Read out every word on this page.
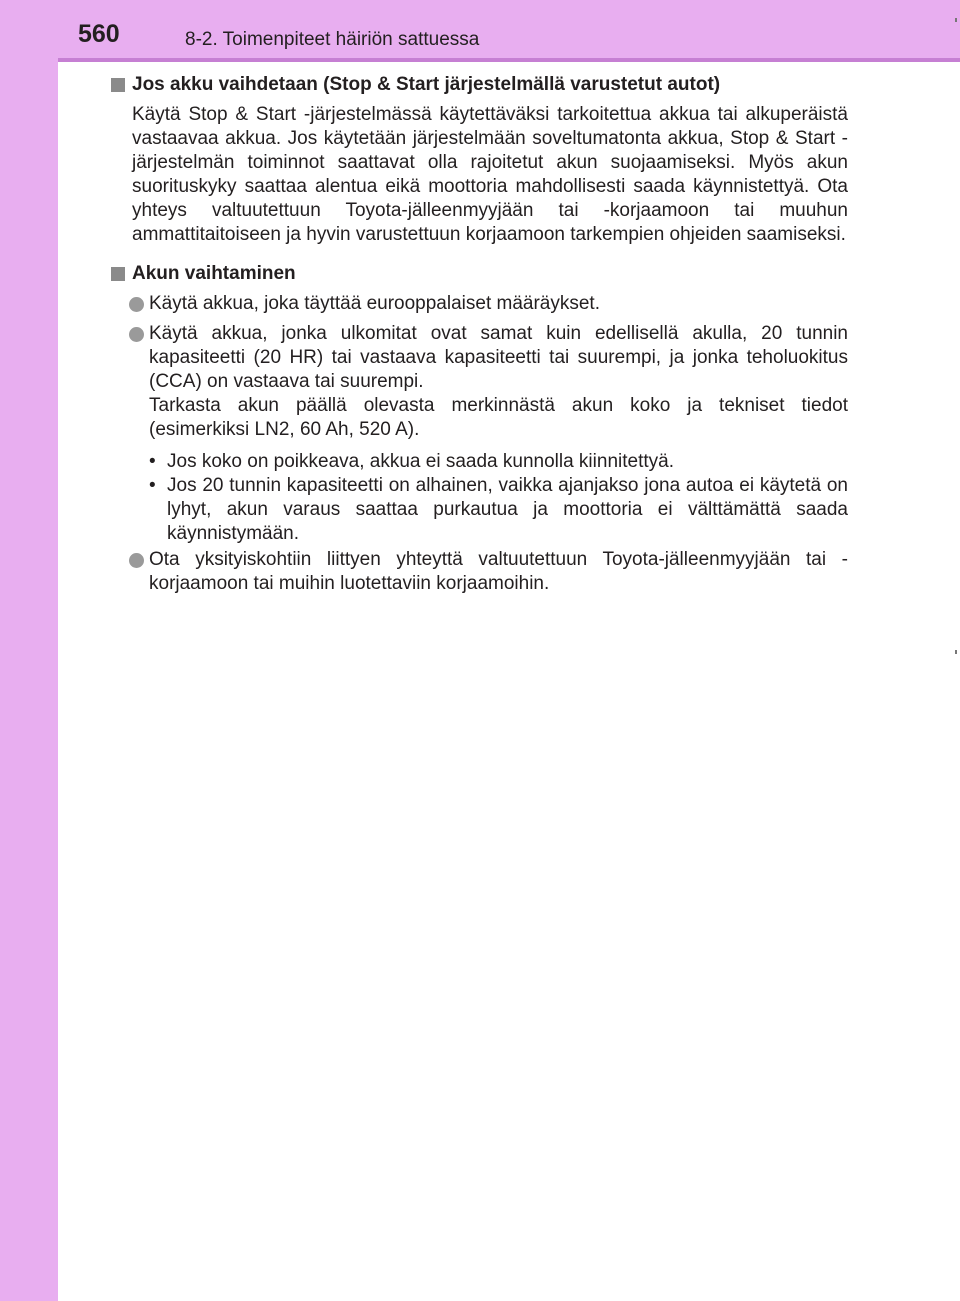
560	8-2. Toimenpiteet häiriön sattuessa
Jos akku vaihdetaan (Stop & Start järjestelmällä varustetut autot)
Käytä Stop & Start -järjestelmässä käytettäväksi tarkoitettua akkua tai alkuperäistä vastaavaa akkua. Jos käytetään järjestelmään soveltumatonta akkua, Stop & Start -järjestelmän toiminnot saattavat olla rajoitetut akun suojaamiseksi. Myös akun suorituskyky saattaa alentua eikä moottoria mahdollisesti saada käynnistettyä. Ota yhteys valtuutettuun Toyota-jälleenmyyjään tai -korjaamoon tai muuhun ammattitaitoiseen ja hyvin varustettuun korjaamoon tarkempien ohjeiden saamiseksi.
Akun vaihtaminen
Käytä akkua, joka täyttää eurooppalaiset määräykset.
Käytä akkua, jonka ulkomitat ovat samat kuin edellisellä akulla, 20 tunnin kapasiteetti (20 HR) tai vastaava kapasiteetti tai suurempi, ja jonka teholuokitus (CCA) on vastaava tai suurempi.
Tarkasta akun päällä olevasta merkinnästä akun koko ja tekniset tiedot (esimerkiksi LN2, 60 Ah, 520 A).
• Jos koko on poikkeava, akkua ei saada kunnolla kiinnitettyä.
• Jos 20 tunnin kapasiteetti on alhainen, vaikka ajanjakso jona autoa ei käytetä on lyhyt, akun varaus saattaa purkautua ja moottoria ei välttämättä saada käynnistymään.
Ota yksityiskohtiin liittyen yhteyttä valtuutettuun Toyota-jälleenmyyjään tai -korjaamoon tai muihin luotettaviin korjaamoihin.
